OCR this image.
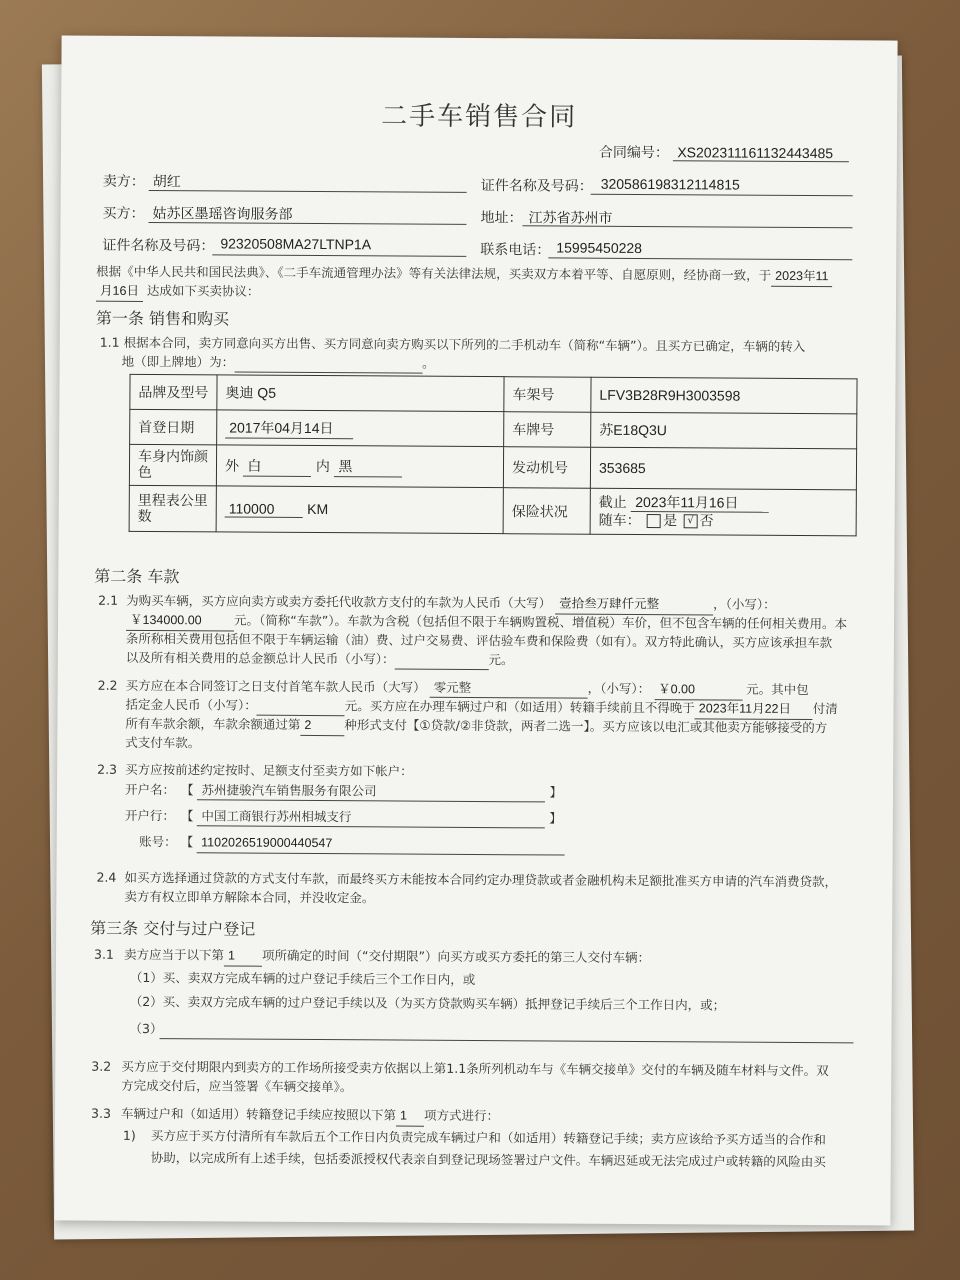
二手车销售合同
合同编号： XS202311161132443485
卖方： 胡红	证件名称及号码： 320586198312114815
买方： 姑苏区墨瑶咨询服务部	地址： 江苏省苏州市
证件名称及号码： 92320508MA27LTNP1A	联系电话： 15995450228
根据《中华人民共和国民法典》、《二手车流通管理办法》等有关法律法规，买卖双方本着平等、自愿原则，经协商一致，于 2023年11
月16日 达成如下买卖协议：
第一条 销售和购买
1.1 根据本合同，卖方同意向买方出售、买方同意向卖方购买以下所列的二手机动车（简称“车辆”）。且买方已确定，车辆的转入
地（即上牌地）为：	。
品牌及型号	奥迪 Q5	车架号	LFV3B28R9H3003598
首登日期	2017年04月14日	车牌号	苏E18Q3U
车身内饰颜色	外 白 内 黑	发动机号	353685
里程表公里数	110000 KM	保险状况	截止 2023年11月16日
随车： 是 √ 否
第二条 车款
2.1 为购买车辆，买方应向卖方或卖方委托代收款方支付的车款为人民币（大写） 壹拾叁万肆仟元整	，（小写）：
￥134000.00	元。（简称“车款”）。车款为含税（包括但不限于车辆购置税、增值税）车价，但不包含车辆的任何相关费用。本
条所称相关费用包括但不限于车辆运输（油）费、过户交易费、评估验车费和保险费（如有）。双方特此确认，买方应该承担车款
以及所有相关费用的总金额总计人民币（小写）：	元。
2.2 买方应在本合同签订之日支付首笔车款人民币（大写） 零元整	，（小写）： ￥0.00	元。其中包
括定金人民币（小写）：	元。买方应在办理车辆过户和（如适用）转籍手续前且不得晚于 2023年11月22日 付清
所有车款余额，车款余额通过第 2	种形式支付【①贷款/②非贷款，两者二选一】。买方应该以电汇或其他卖方能够接受的方
式支付车款。
2.3 买方应按前述约定按时、足额支付至卖方如下帐户：
开户名： 【 苏州捷骏汽车销售服务有限公司	】
开户行： 【 中国工商银行苏州相城支行	】
账号： 【 1102026519000440547
2.4 如买方选择通过贷款的方式支付车款，而最终买方未能按本合同约定办理贷款或者金融机构未足额批准买方申请的汽车消费贷款，
卖方有权立即单方解除本合同，并没收定金。
第三条 交付与过户登记
3.1 卖方应当于以下第 1 项所确定的时间（“交付期限”）向买方或买方委托的第三人交付车辆：
（1）买、卖双方完成车辆的过户登记手续后三个工作日内，或
（2）买、卖双方完成车辆的过户登记手续以及（为买方贷款购买车辆）抵押登记手续后三个工作日内，或；
（3）
3.2 买方应于交付期限内到卖方的工作场所接受卖方依据以上第1.1条所列机动车与《车辆交接单》交付的车辆及随车材料与文件。双
方完成交付后，应当签署《车辆交接单》。
3.3 车辆过户和（如适用）转籍登记手续应按照以下第 1 项方式进行：
1) 买方应于买方付清所有车款后五个工作日内负责完成车辆过户和（如适用）转籍登记手续；卖方应该给予买方适当的合作和
协助，以完成所有上述手续，包括委派授权代表亲自到登记现场签署过户文件。车辆迟延或无法完成过户或转籍的风险由买
